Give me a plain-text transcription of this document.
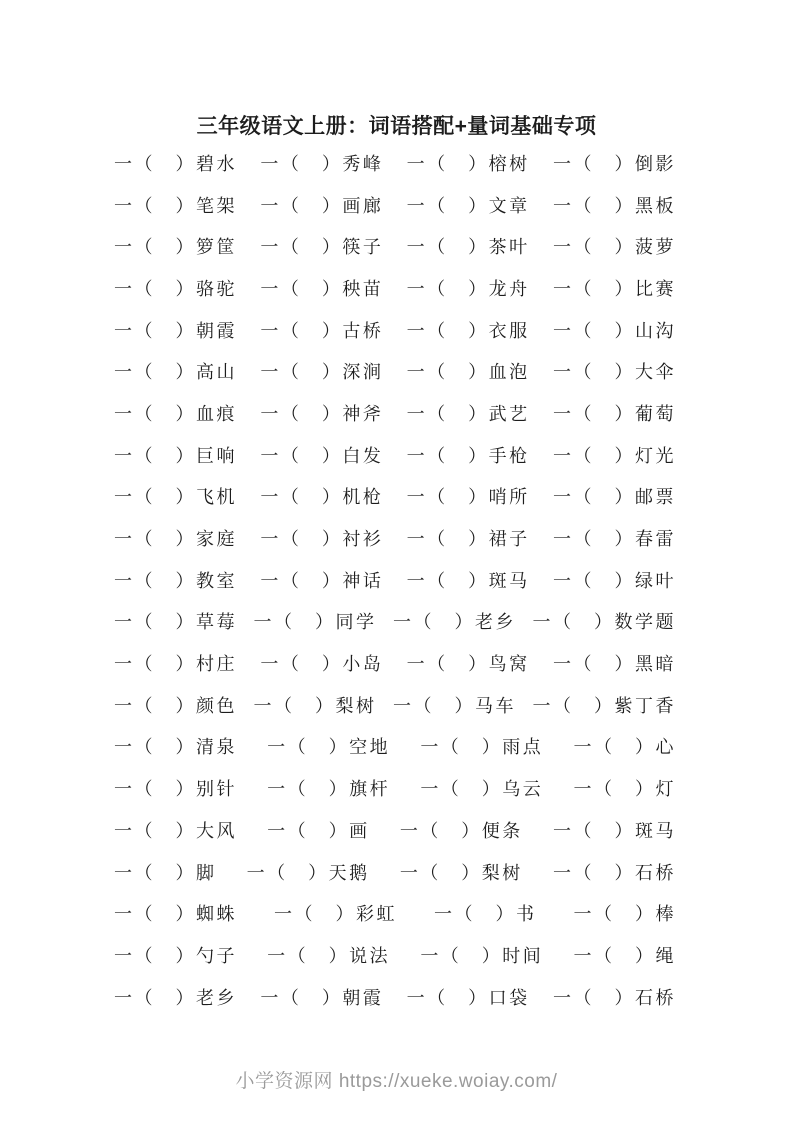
三年级语文上册：词语搭配+量词基础专项
一（　）碧水 一（　）秀峰 一（　）榕树 一（　）倒影
一（　）笔架 一（　）画廊 一（　）文章 一（　）黑板
一（　）箩筐 一（　）筷子 一（　）茶叶 一（　）菠萝
一（　）骆驼 一（　）秧苗 一（　）龙舟 一（　）比赛
一（　）朝霞 一（　）古桥 一（　）衣服 一（　）山沟
一（　）高山 一（　）深涧 一（　）血泡 一（　）大伞
一（　）血痕 一（　）神斧 一（　）武艺 一（　）葡萄
一（　）巨响 一（　）白发 一（　）手枪 一（　）灯光
一（　）飞机 一（　）机枪 一（　）哨所 一（　）邮票
一（　）家庭 一（　）衬衫 一（　）裙子 一（　）春雷
一（　）教室 一（　）神话 一（　）斑马 一（　）绿叶
一（　）草莓 一（　）同学 一（　）老乡 一（　）数学题
一（　）村庄 一（　）小岛 一（　）鸟窝 一（　）黑暗
一（　）颜色 一（　）梨树 一（　）马车 一（　）紫丁香
一（　）清泉 一（　）空地 一（　）雨点 一（　）心
一（　）别针 一（　）旗杆 一（　）乌云 一（　）灯
一（　）大风 一（　）画 一（　）便条 一（　）斑马
一（　）脚 一（　）天鹅 一（　）梨树 一（　）石桥
一（　）蜘蛛 一（　）彩虹 一（　）书 一（　）棒
一（　）勺子 一（　）说法 一（　）时间 一（　）绳
一（　）老乡 一（　）朝霞 一（　）口袋 一（　）石桥
小学资源网 https://xueke.woiay.com/
